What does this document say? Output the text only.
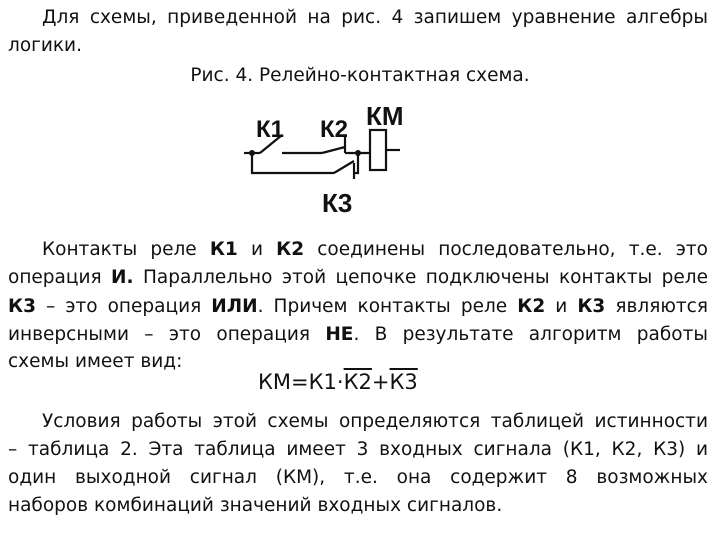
Для схемы, приведенной на рис. 4 запишем уравнение алгебры
логики.
Рис. 4. Релейно-контактная схема.
К1 К2 КМ
К3
Контакты реле К1 и К2 соединены последовательно, т.е. это
операция И. Параллельно этой цепочке подключены контакты реле
К3 – это операция ИЛИ. Причем контакты реле К2 и К3 являются
инверсными – это операция НЕ. В результате алгоритм работы
схемы имеет вид:
КМ=К1·К2+К3
Условия работы этой схемы определяются таблицей истинности
– таблица 2. Эта таблица имеет 3 входных сигнала (К1, К2, К3) и
один выходной сигнал (КМ), т.е. она содержит 8 возможных
наборов комбинаций значений входных сигналов.
